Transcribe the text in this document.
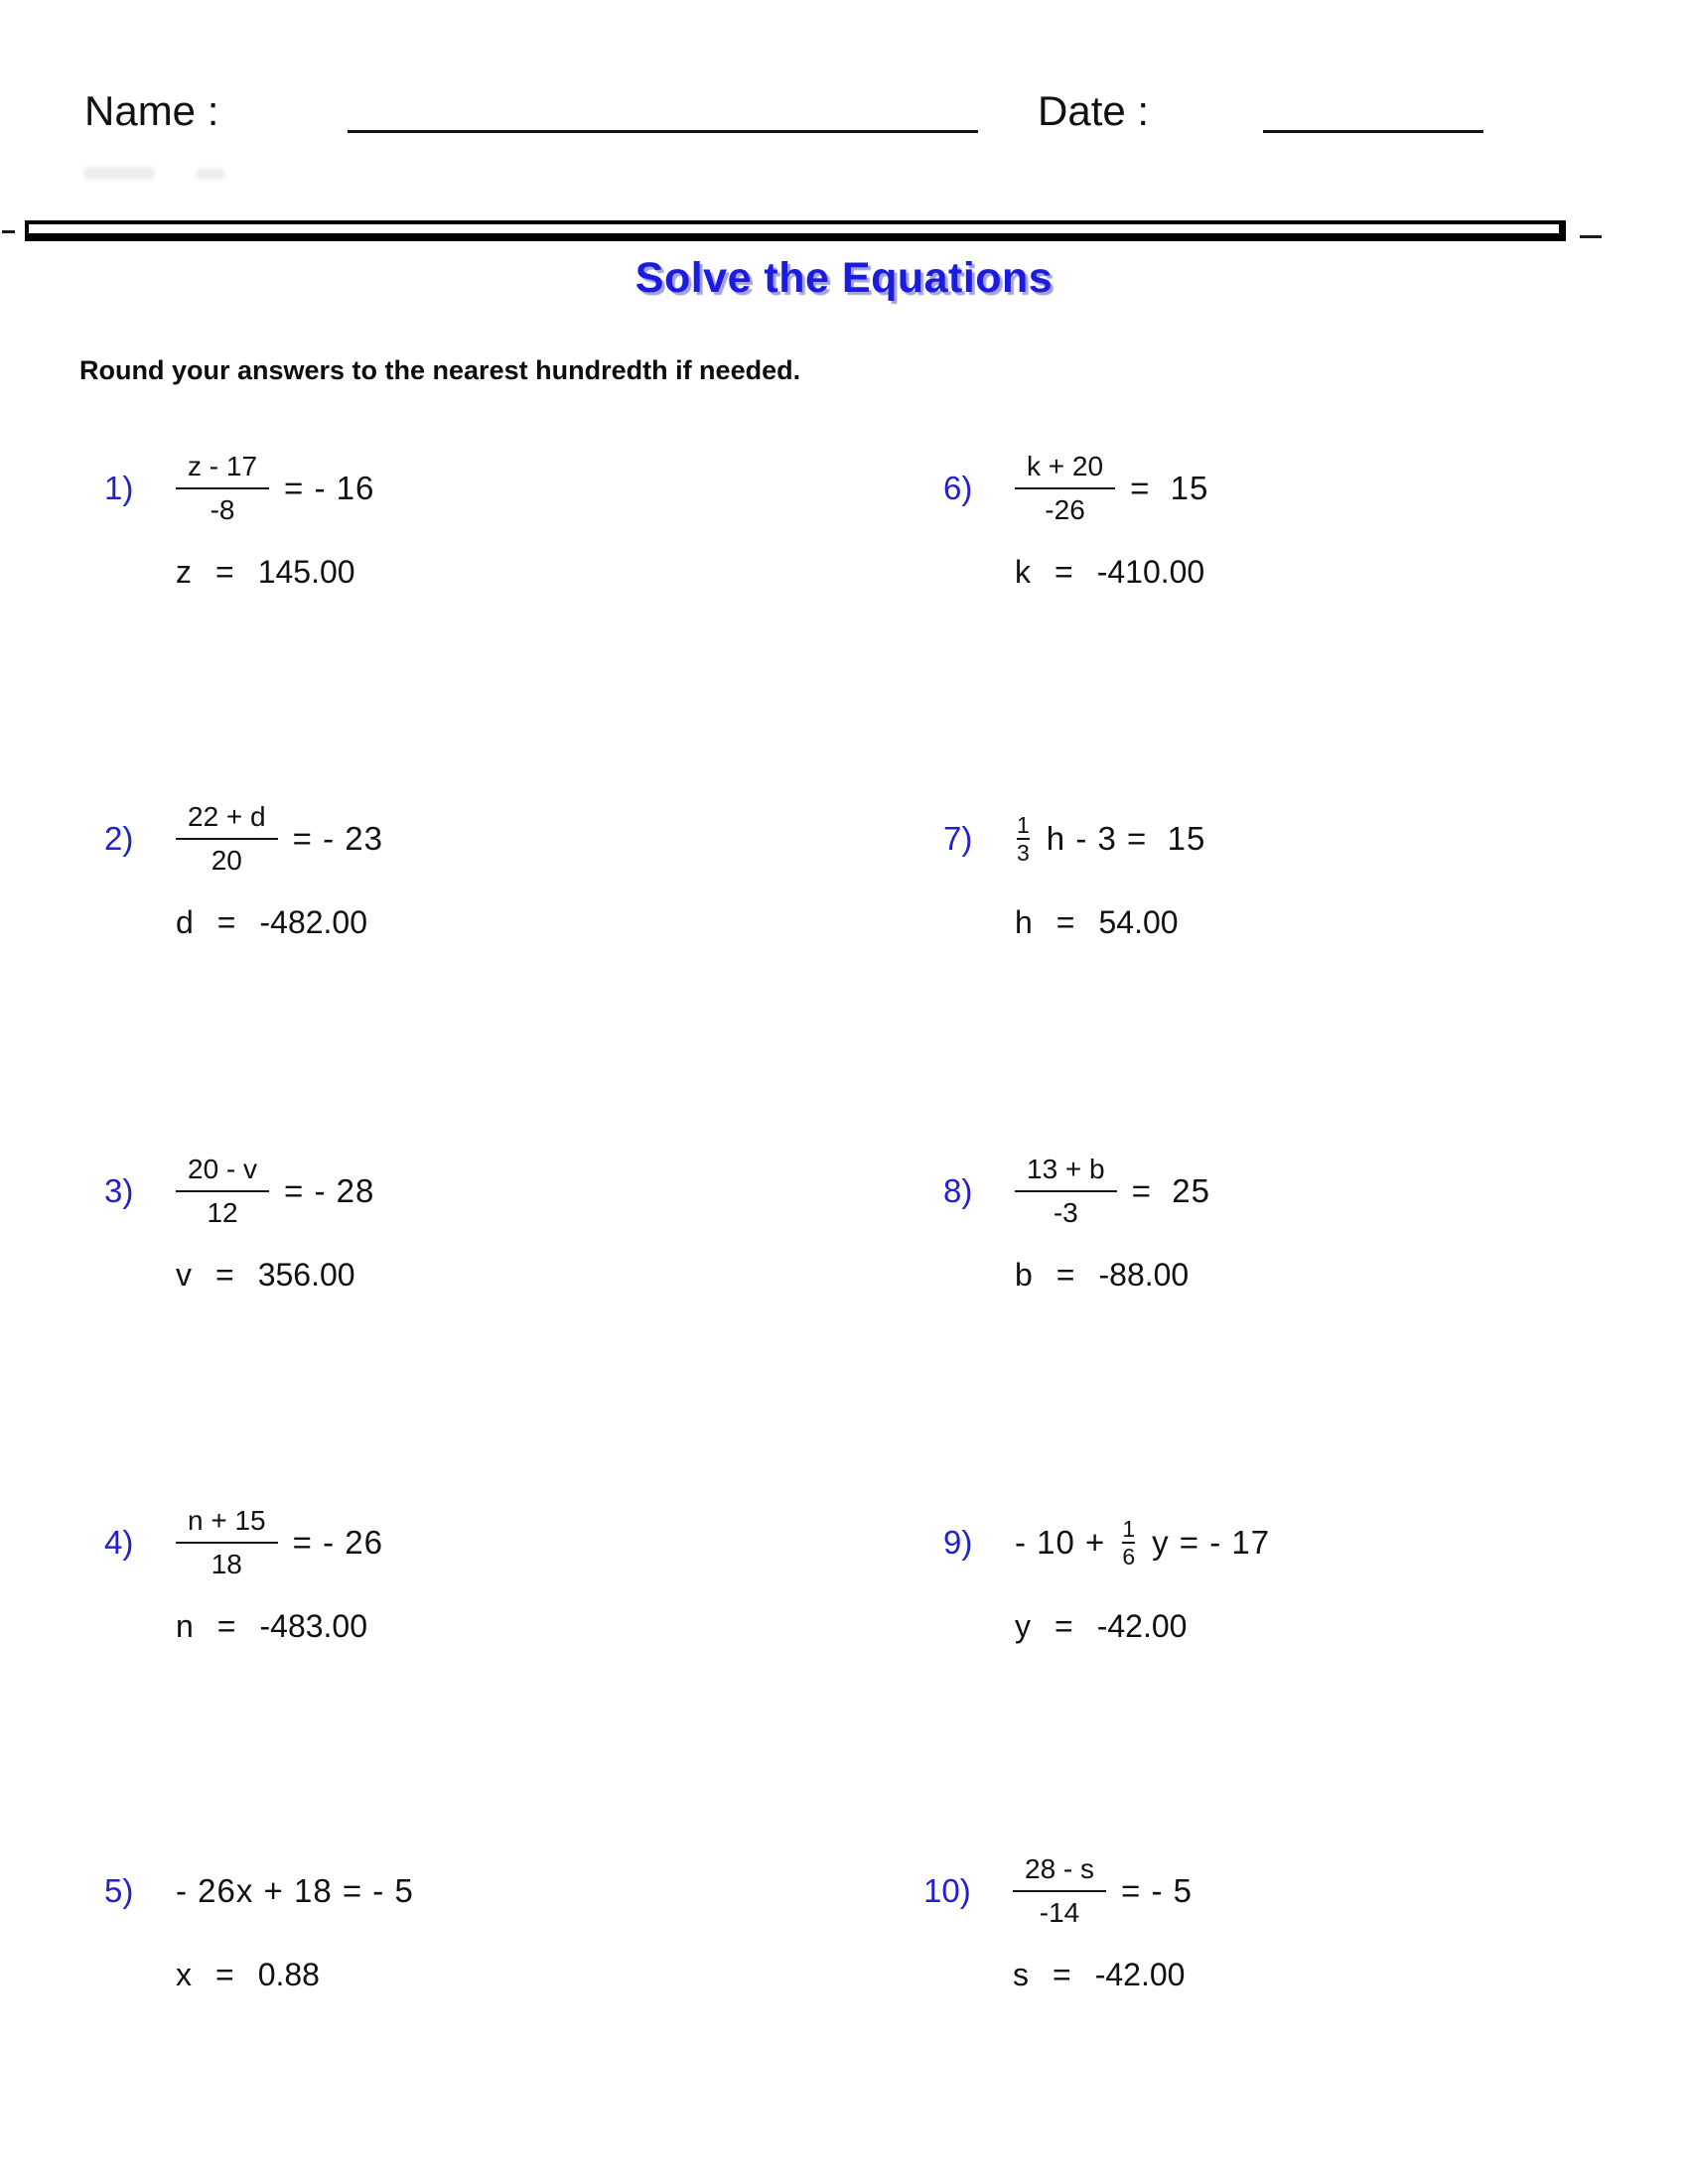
Name :	Date :
Solve the Equations
Round your answers to the nearest hundredth if needed.
1)	$\frac{z - 17}{-8}$ = - 16
z = 145.00
2)	$\frac{22 + d}{20}$ = - 23
d = -482.00
3)	$\frac{20 - v}{12}$ = - 28
v = 356.00
4)	$\frac{n + 15}{18}$ = - 26
n = -483.00
5)	- 26x + 18 = - 5
x = 0.88
6)	$\frac{k + 20}{-26} = 15$
k = -410.00
7)	$\frac{1}{3}$ h - 3 =  15
h = 54.00
8)	$\frac{13 + b}{-3} = 25$
b = -88.00
9)	- $10 + \frac{1}{6}$ y = - 17
y = -42.00
10)	$\frac{28 - s}{-14}$ = - 5
s = -42.00
